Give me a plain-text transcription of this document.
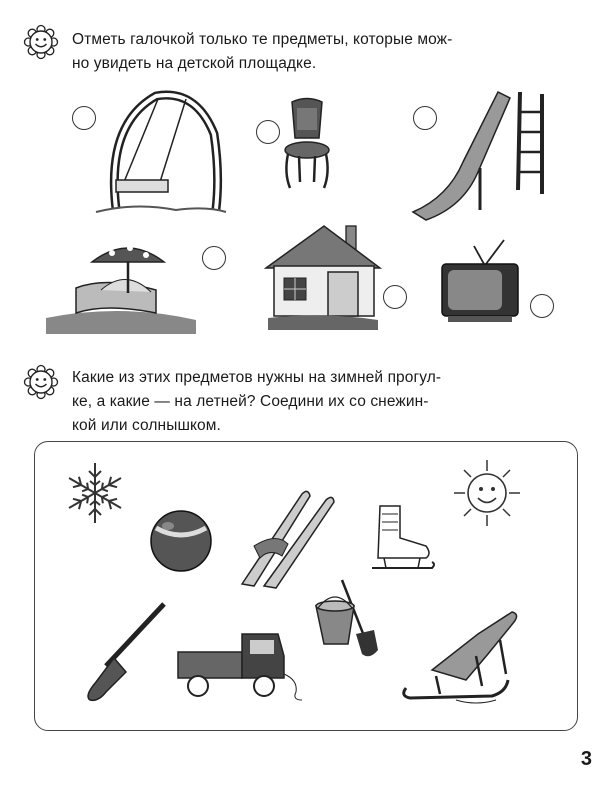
Отметь галочкой только те предметы, которые мож-
но увидеть на детской площадке.

Какие из этих предметов нужны на зимней прогул-
ке, а какие — на летней? Соедини их со снежин-
кой или солнышком.

3
